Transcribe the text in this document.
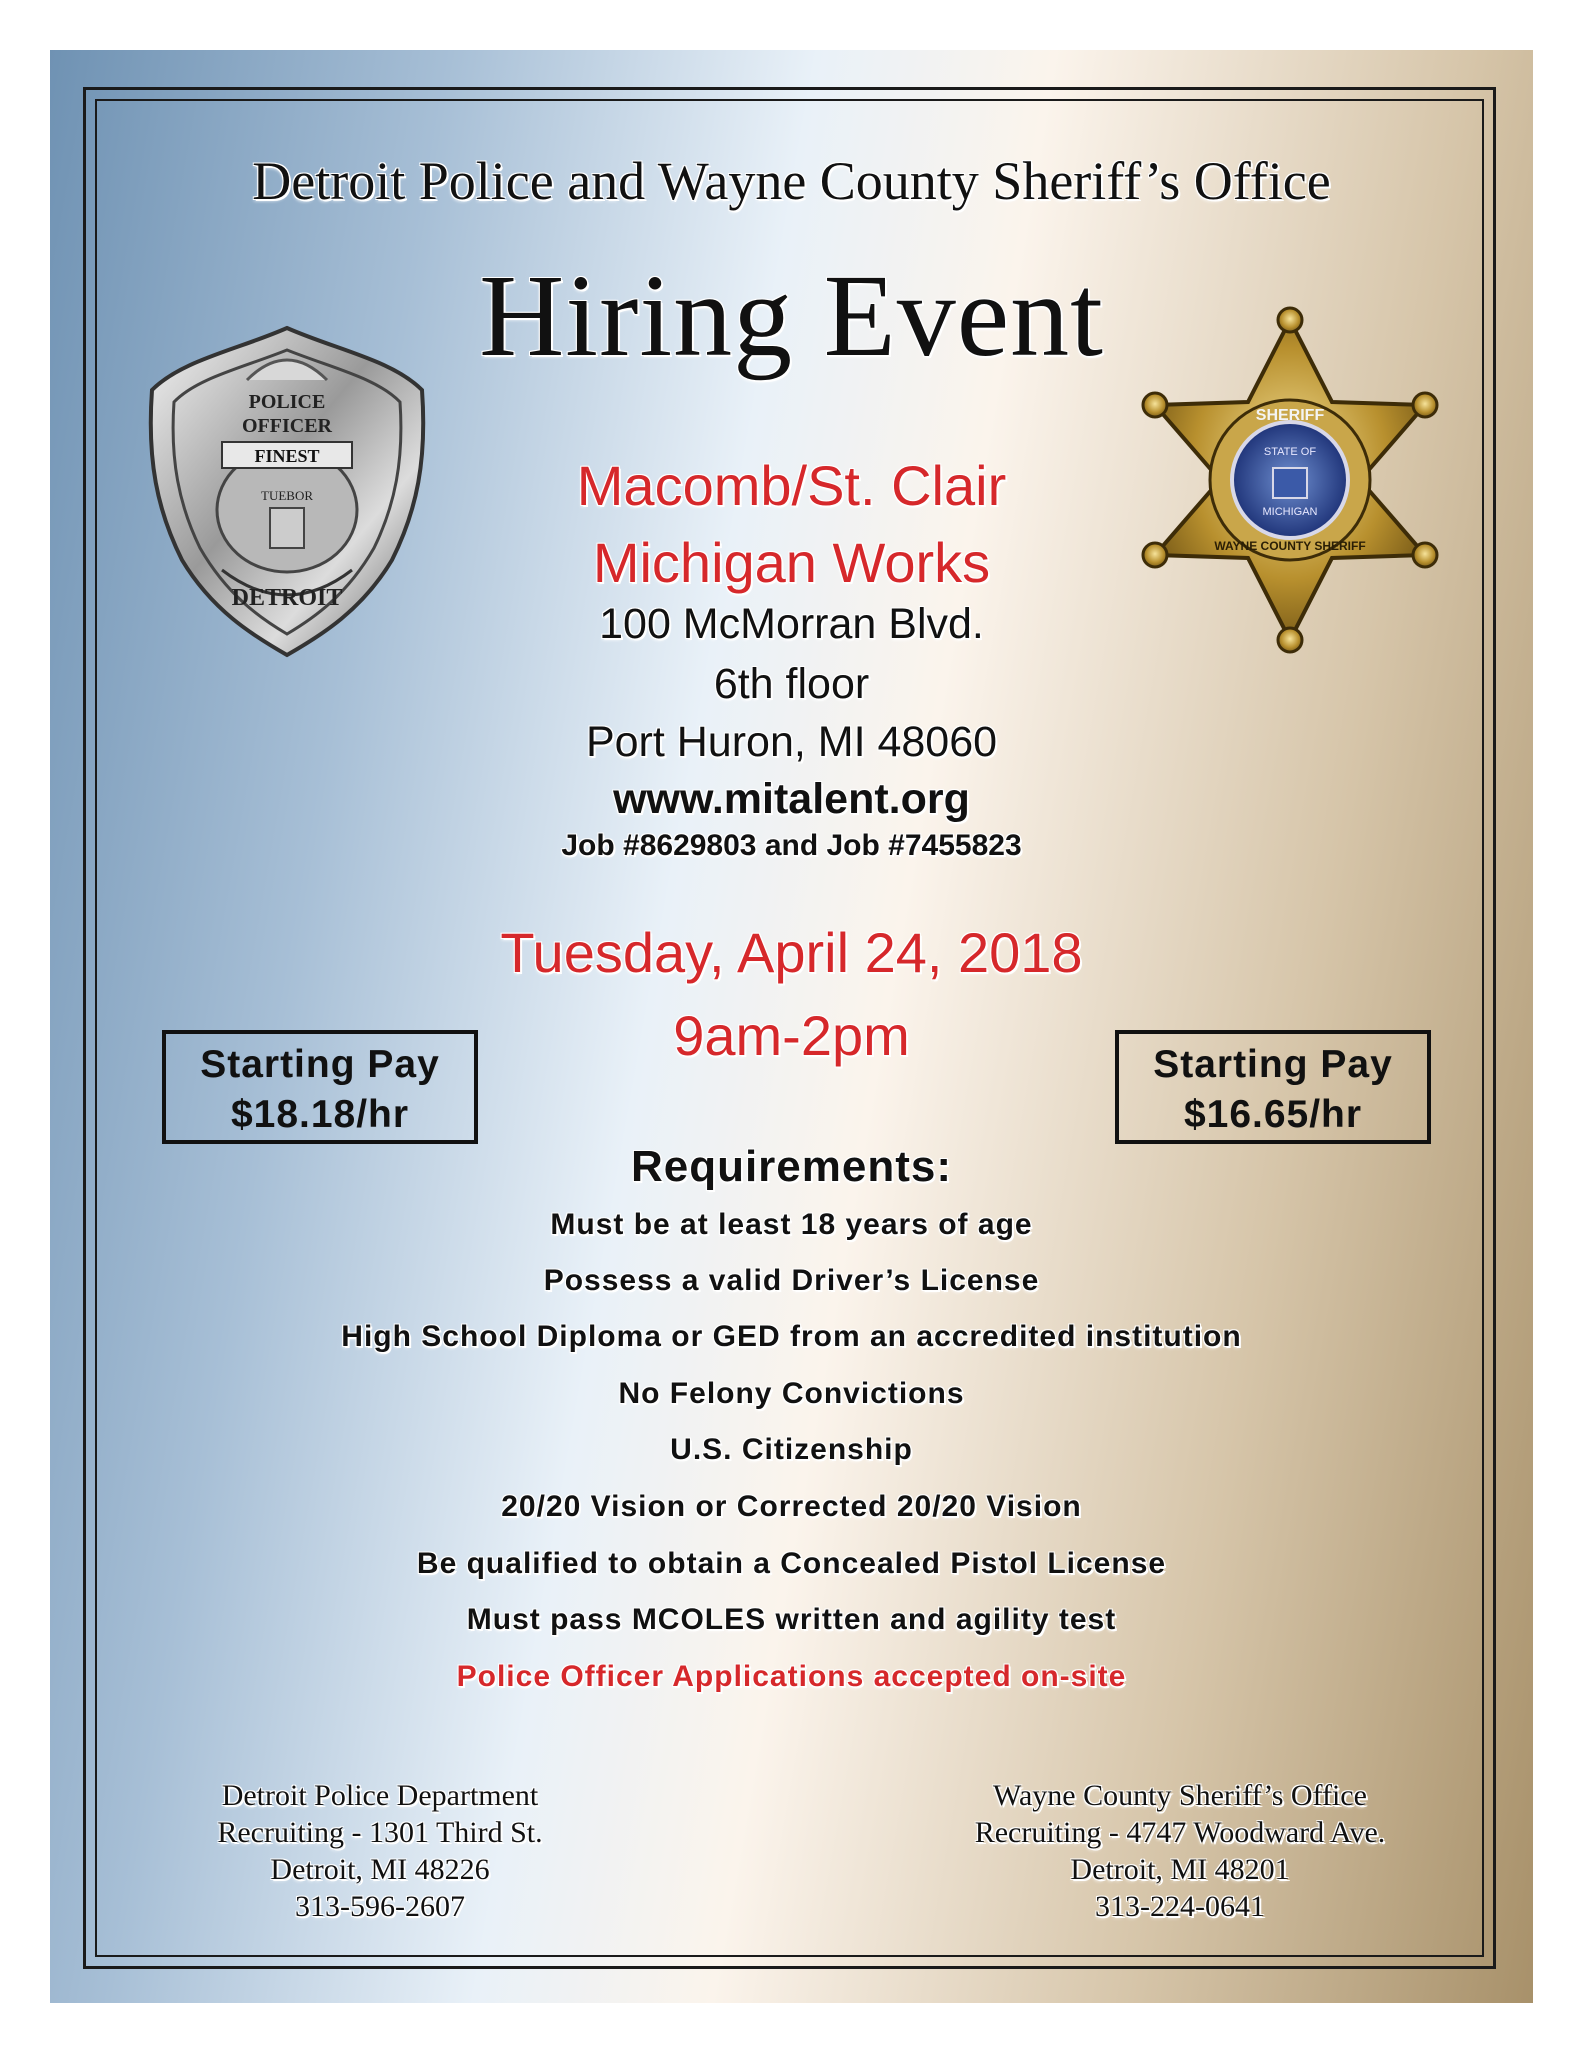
POLICE
OFFICER
FINEST
TUEBOR
DETROIT
SHERIFF
STATE OF
MICHIGAN
WAYNE COUNTY SHERIFF
Detroit Police and Wayne County Sheriff’s Office
Hiring Event
Macomb/St. Clair
Michigan Works
100 McMorran Blvd.
6th floor
Port Huron, MI 48060
www.mitalent.org
Job #8629803 and Job #7455823
Tuesday, April 24, 2018
9am-2pm
Starting Pay
$18.18/hr
Starting Pay
$16.65/hr
Requirements:
Must be at least 18 years of age
Possess a valid Driver’s License
High School Diploma or GED from an accredited institution
No Felony Convictions
U.S. Citizenship
20/20 Vision or Corrected 20/20 Vision
Be qualified to obtain a Concealed Pistol License
Must pass MCOLES written and agility test
Police Officer Applications accepted on-site
Detroit Police Department
Recruiting - 1301 Third St.
Detroit, MI 48226
313-596-2607
Wayne County Sheriff’s Office
Recruiting - 4747 Woodward Ave.
Detroit, MI 48201
313-224-0641
